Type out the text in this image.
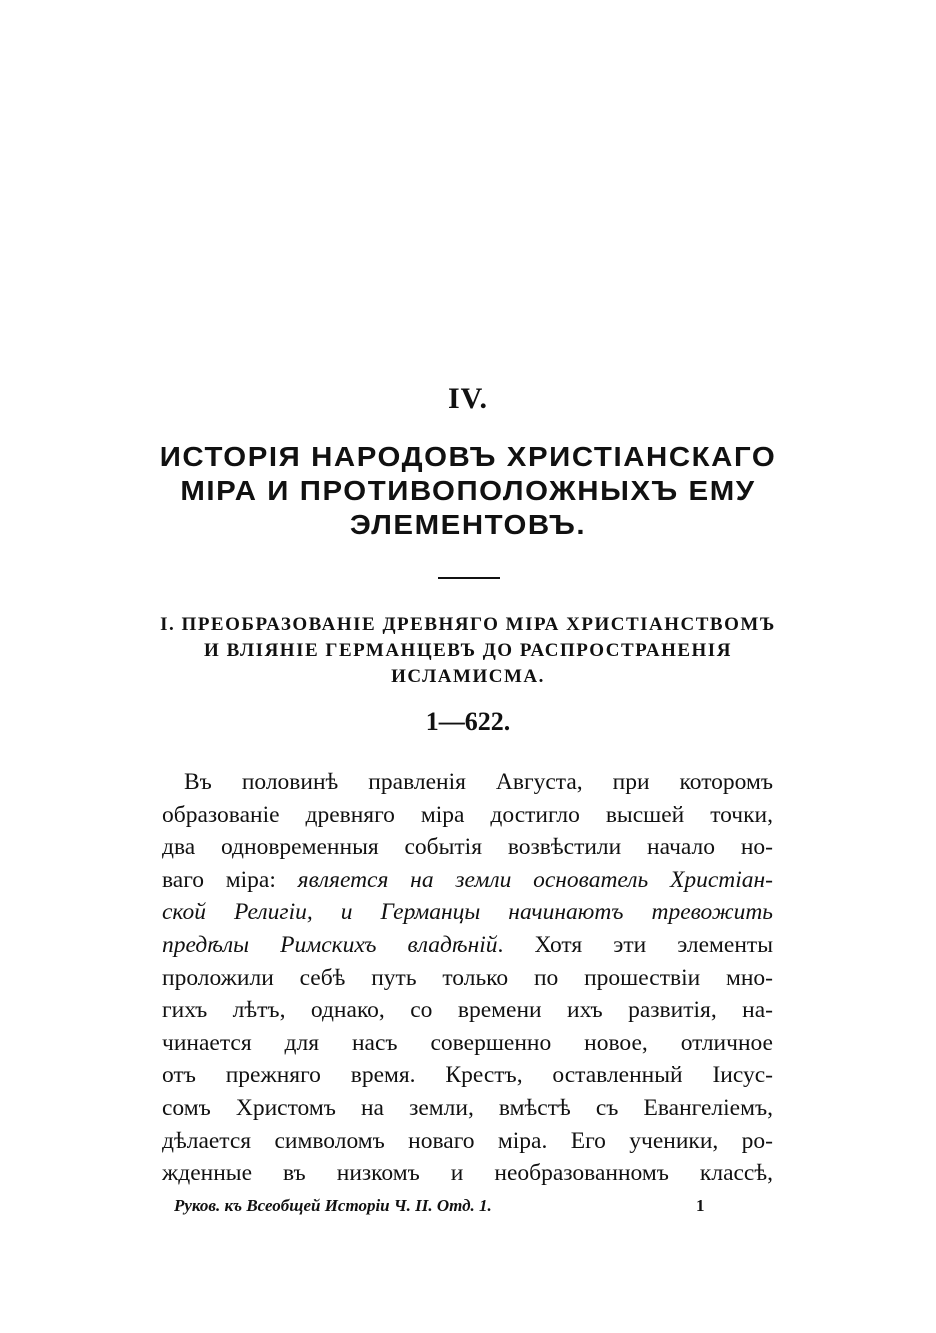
IV.
ИСТОРІЯ НАРОДОВЪ ХРИСТІАНСКАГО
МІРА И ПРОТИВОПОЛОЖНЫХЪ ЕМУ
ЭЛЕМЕНТОВЪ.
I. ПРЕОБРАЗОВАНІЕ ДРЕВНЯГО МІРА ХРИСТІАНСТВОМЪ
И ВЛІЯНІЕ ГЕРМАНЦЕВЪ ДО РАСПРОСТРАНЕНІЯ
ИСЛАМИСМА.
1—622.
Въ половинѣ правленія Августа, при которомъ
образованіе древняго міра достигло высшей точки,
два одновременныя событія возвѣстили начало но-
ваго міра: является на земли основатель Христіан-
ской Религіи, и Германцы начинаютъ тревожить
предѣлы Римскихъ владѣній. Хотя эти элементы
проложили себѣ путь только по прошествіи мно-
гихъ лѣтъ, однако, со времени ихъ развитія, на-
чинается для насъ совершенно новое, отличное
отъ прежняго время. Крестъ, оставленный Іисус-
сомъ Христомъ на земли, вмѣстѣ съ Евангеліемъ,
дѣлается символомъ новаго міра. Его ученики, ро-
жденные въ низкомъ и необразованномъ классѣ,
Руков. къ Всеобщей Исторіи Ч. II. Отд. 1.	1
